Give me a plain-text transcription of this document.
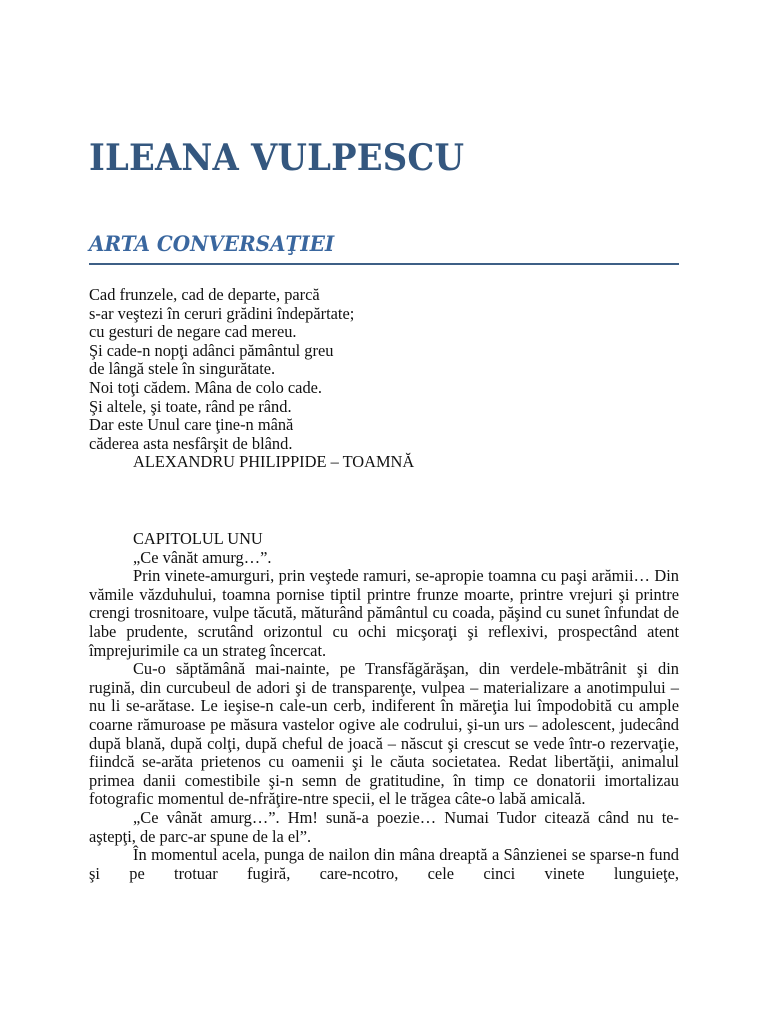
ILEANA VULPESCU
ARTA CONVERSAŢIEI
Cad frunzele, cad de departe, parcă
s-ar veştezi în ceruri grădini îndepărtate;
cu gesturi de negare cad mereu.
Şi cade-n nopţi adânci pământul greu
de lângă stele în singurătate.
Noi toţi cădem. Mâna de colo cade.
Şi altele, şi toate, rând pe rând.
Dar este Unul care ţine-n mână
căderea asta nesfârşit de blând.
ALEXANDRU PHILIPPIDE – TOAMNĂ
CAPITOLUL UNU
„Ce vânăt amurg…”.

Prin vinete-amurguri, prin veştede ramuri, se-apropie toamna cu paşi arămii… Din vămile văzduhului, toamna pornise tiptil printre frunze moarte, printre vrejuri şi printre crengi trosnitoare, vulpe tăcută, măturând pământul cu coada, păşind cu sunet înfundat de labe prudente, scrutând orizontul cu ochi micşoraţi şi reflexivi, prospectând atent împrejurimile ca un strateg încercat.

Cu-o săptămână mai-nainte, pe Transfăgărăşan, din verdele-mbătrânit şi din rugină, din curcubeul de adori şi de transparenţe, vulpea – materializare a anotimpului – nu li se-arătase. Le ieşise-n cale-un cerb, indiferent în măreţia lui împodobită cu ample coarne rămuroase pe măsura vastelor ogive ale codrului, şi-un urs – adolescent, judecând după blană, după colţi, după cheful de joacă – născut şi crescut se vede într-o rezervaţie, fiindcă se-arăta prietenos cu oamenii şi le căuta societatea. Redat libertăţii, animalul primea danii comestibile şi-n semn de gratitudine, în timp ce donatorii imortalizau fotografic momentul de-nfrăţire-ntre specii, el le trăgea câte-o labă amicală.

„Ce vânăt amurg…”. Hm! sună-a poezie… Numai Tudor citează când nu te-aştepţi, de parc-ar spune de la el”.

În momentul acela, punga de nailon din mâna dreaptă a Sânzienei se sparse-n fund şi pe trotuar fugiră, care-ncotro, cele cinci vinete lunguieţe,
